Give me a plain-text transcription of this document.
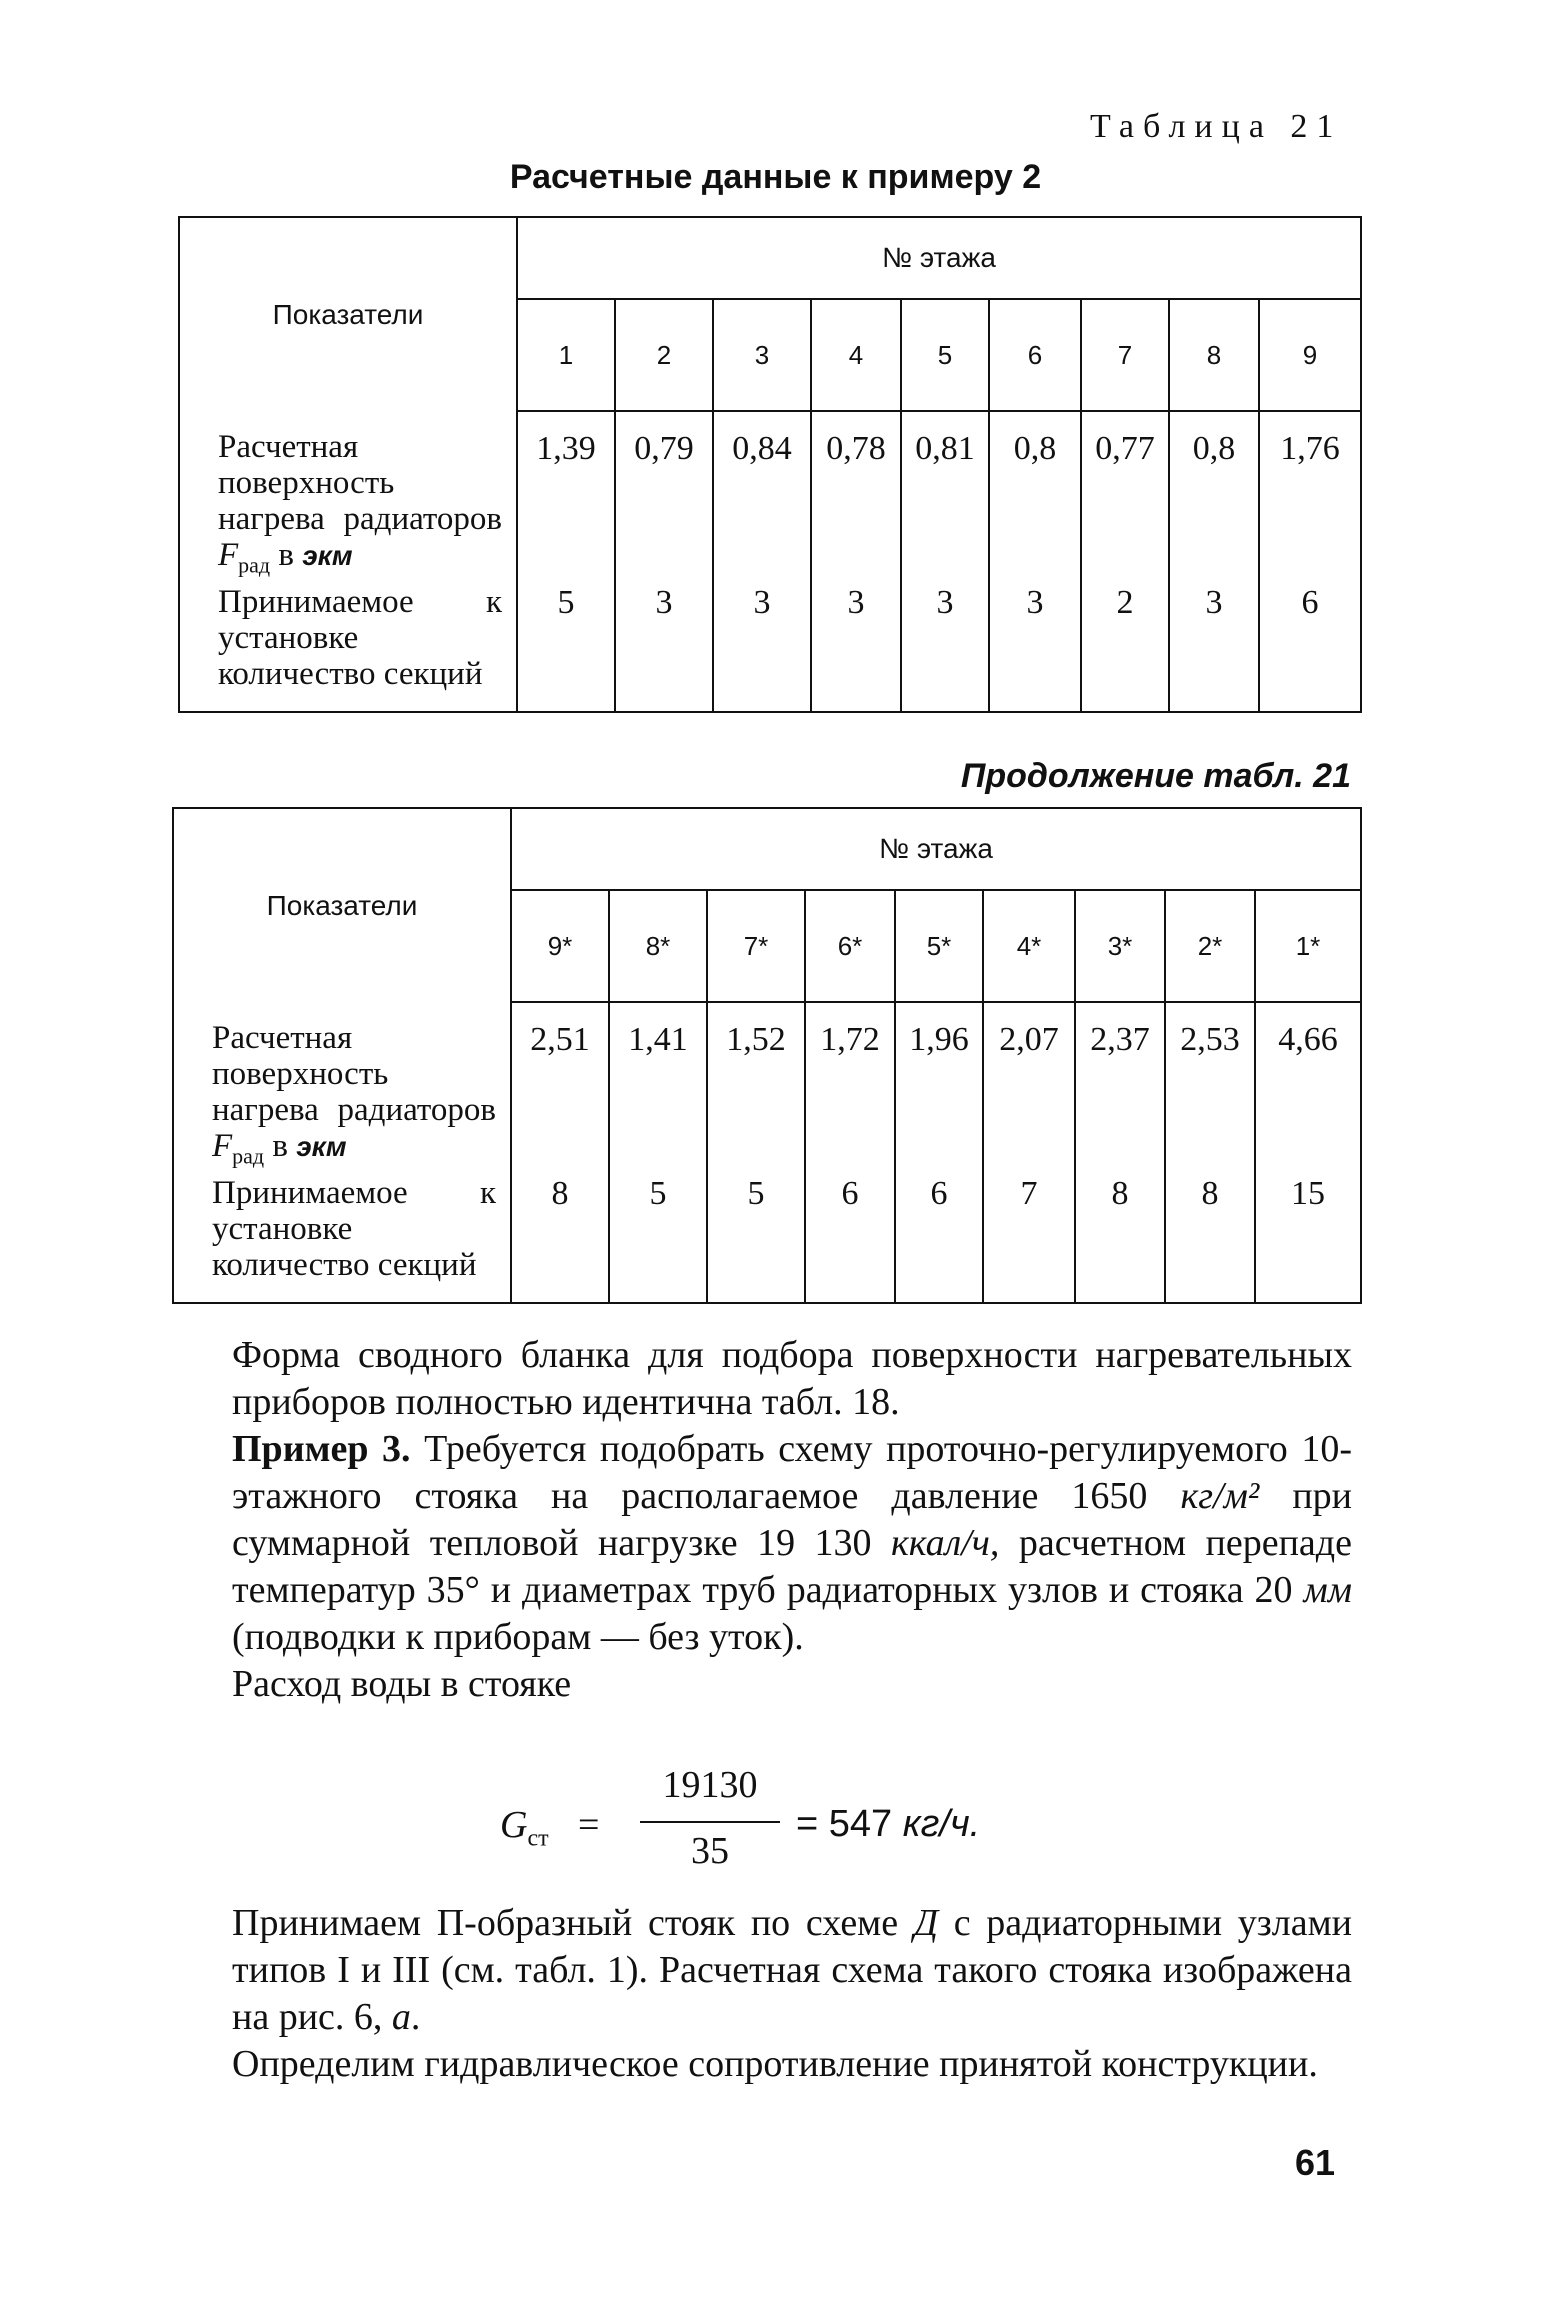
Таблица 21
Расчетные данные к примеру 2
Показатели	№ этажа								
	1	2	3	4	5	6	7	8	9
Расчетная поверхность нагрева радиаторов $F_{рад}$ в экм	1,39	0,79	0,84	0,78	0,81	0,8	0,77	0,8	1,76
Принимаемое к установке количество секций	5	3	3	3	3	3	2	3	6
Продолжение табл. 21
Показатели	№ этажа								
	9*	8*	7*	6*	5*	4*	3*	2*	1*
Расчетная поверхность нагрева радиаторов $F_{рад}$ в экм	2,51	1,41	1,52	1,72	1,96	2,07	2,37	2,53	4,66
Принимаемое к установке количество секций	8	5	5	6	6	7	8	8	15

Форма сводного бланка для подбора поверхности нагревательных приборов полностью идентична табл. 18.

Пример 3. Требуется подобрать схему проточно-регулируемого 10-этажного стояка на располагаемое давление 1650 кг/м² при суммарной тепловой нагрузке 19 130 ккал/ч, расчетном перепаде температур 35° и диаметрах труб радиаторных узлов и стояка 20 мм (подводки к приборам — без уток).

Расход воды в стояке

$G_{ст}$ =
19130
35
= 547 кг/ч.

Принимаем П-образный стояк по схеме Д с радиаторными узлами типов I и III (см. табл. 1). Расчетная схема такого стояка изображена на рис. 6, а.

Определим гидравлическое сопротивление принятой конструкции.

61
